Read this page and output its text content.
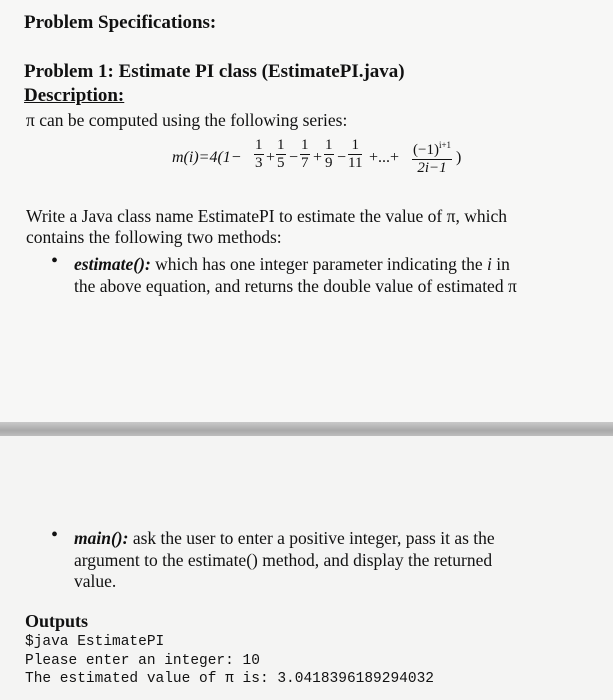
Problem Specifications:
Problem 1: Estimate PI class (EstimatePI.java)
Description:
π can be computed using the following series:
$m(i)=4(1- \frac{1}{3} + \frac{1}{5} - \frac{1}{7} + \frac{1}{9} - \frac{1}{11}$ +...+ $\frac{(-1)^{i+1}}{2i-1}$ )
Write a Java class name EstimatePI to estimate the value of π, which
contains the following two methods:
• estimate(): which has one integer parameter indicating the i in
the above equation, and returns the double value of estimated π
• main(): ask the user to enter a positive integer, pass it as the
argument to the estimate() method, and display the returned
value.
Outputs
$java EstimatePI
Please enter an integer: 10
The estimated value of π is: 3.0418396189294032
